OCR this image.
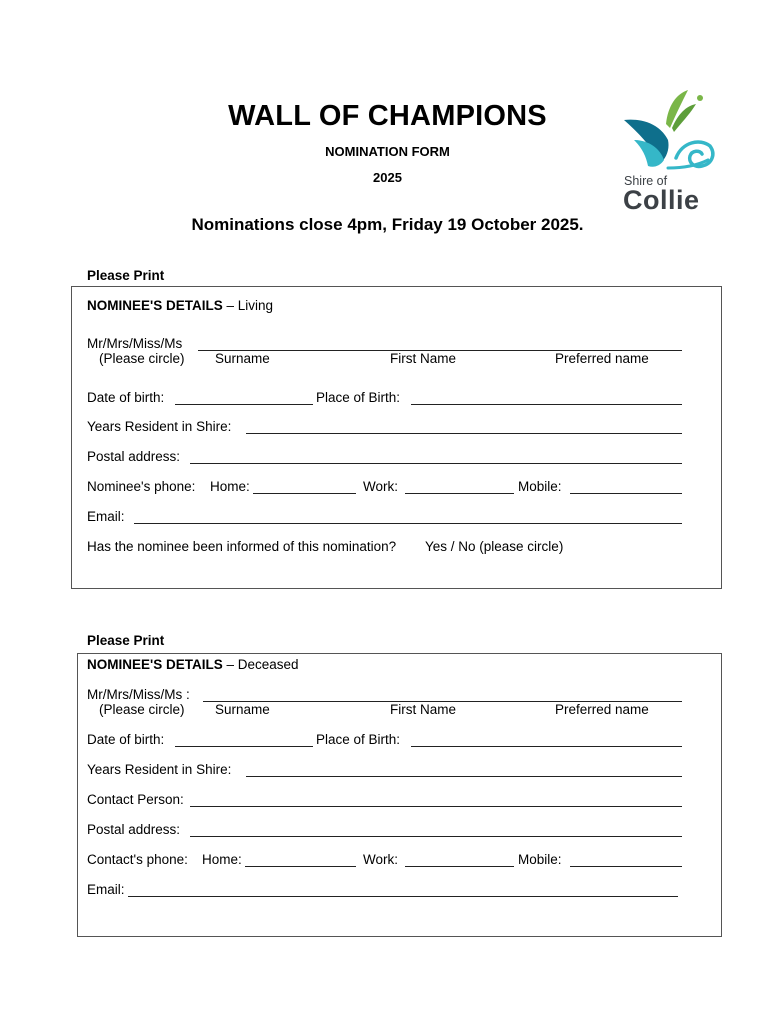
WALL OF CHAMPIONS
NOMINATION FORM
2025
Nominations close 4pm, Friday 19 October 2025.
Shire of
Collie
Please Print
NOMINEE'S DETAILS – Living
Mr/Mrs/Miss/Ms
(Please circle) Surname	First Name	Preferred name
Date of birth:	Place of Birth:
Years Resident in Shire:
Postal address:
Nominee's phone: Home:	Work:	Mobile:
Email:
Has the nominee been informed of this nomination? Yes / No (please circle)
Please Print
NOMINEE'S DETAILS – Deceased
Mr/Mrs/Miss/Ms :
(Please circle) Surname	First Name	Preferred name
Date of birth:	Place of Birth:
Years Resident in Shire:
Contact Person:
Postal address:
Contact's phone: Home:	Work:	Mobile:
Email:
